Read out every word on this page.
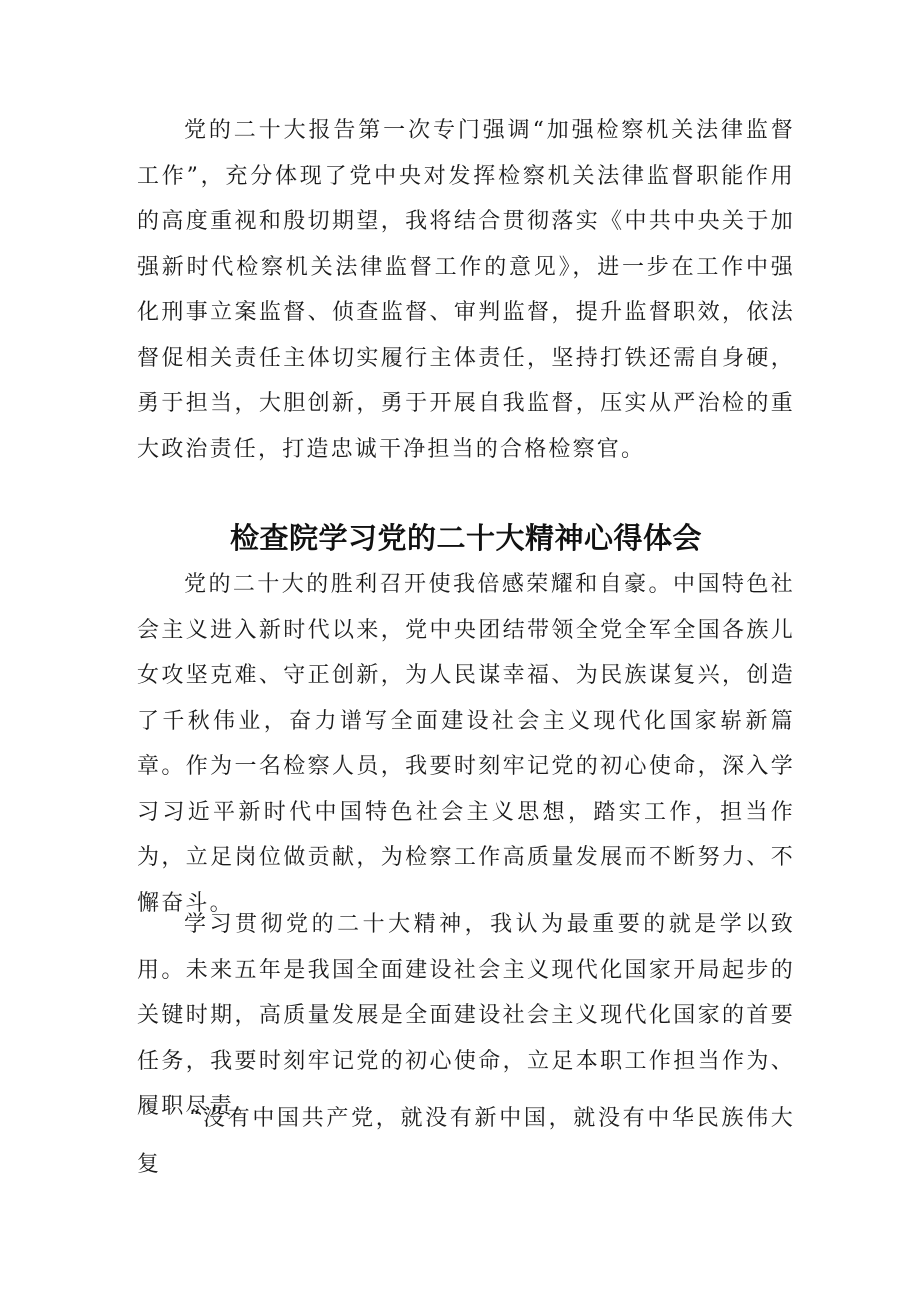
党的二十大报告第一次专门强调“加强检察机关法律监督工作”，充分体现了党中央对发挥检察机关法律监督职能作用的高度重视和殷切期望，我将结合贯彻落实《中共中央关于加强新时代检察机关法律监督工作的意见》，进一步在工作中强化刑事立案监督、侦查监督、审判监督，提升监督职效，依法督促相关责任主体切实履行主体责任，坚持打铁还需自身硬，勇于担当，大胆创新，勇于开展自我监督，压实从严治检的重大政治责任，打造忠诚干净担当的合格检察官。

检查院学习党的二十大精神心得体会

党的二十大的胜利召开使我倍感荣耀和自豪。中国特色社会主义进入新时代以来，党中央团结带领全党全军全国各族儿女攻坚克难、守正创新，为人民谋幸福、为民族谋复兴，创造了千秋伟业，奋力谱写全面建设社会主义现代化国家崭新篇章。作为一名检察人员，我要时刻牢记党的初心使命，深入学习习近平新时代中国特色社会主义思想，踏实工作，担当作为，立足岗位做贡献，为检察工作高质量发展而不断努力、不懈奋斗。

学习贯彻党的二十大精神，我认为最重要的就是学以致用。未来五年是我国全面建设社会主义现代化国家开局起步的关键时期，高质量发展是全面建设社会主义现代化国家的首要任务，我要时刻牢记党的初心使命，立足本职工作担当作为、履职尽责。

“没有中国共产党，就没有新中国，就没有中华民族伟大复
